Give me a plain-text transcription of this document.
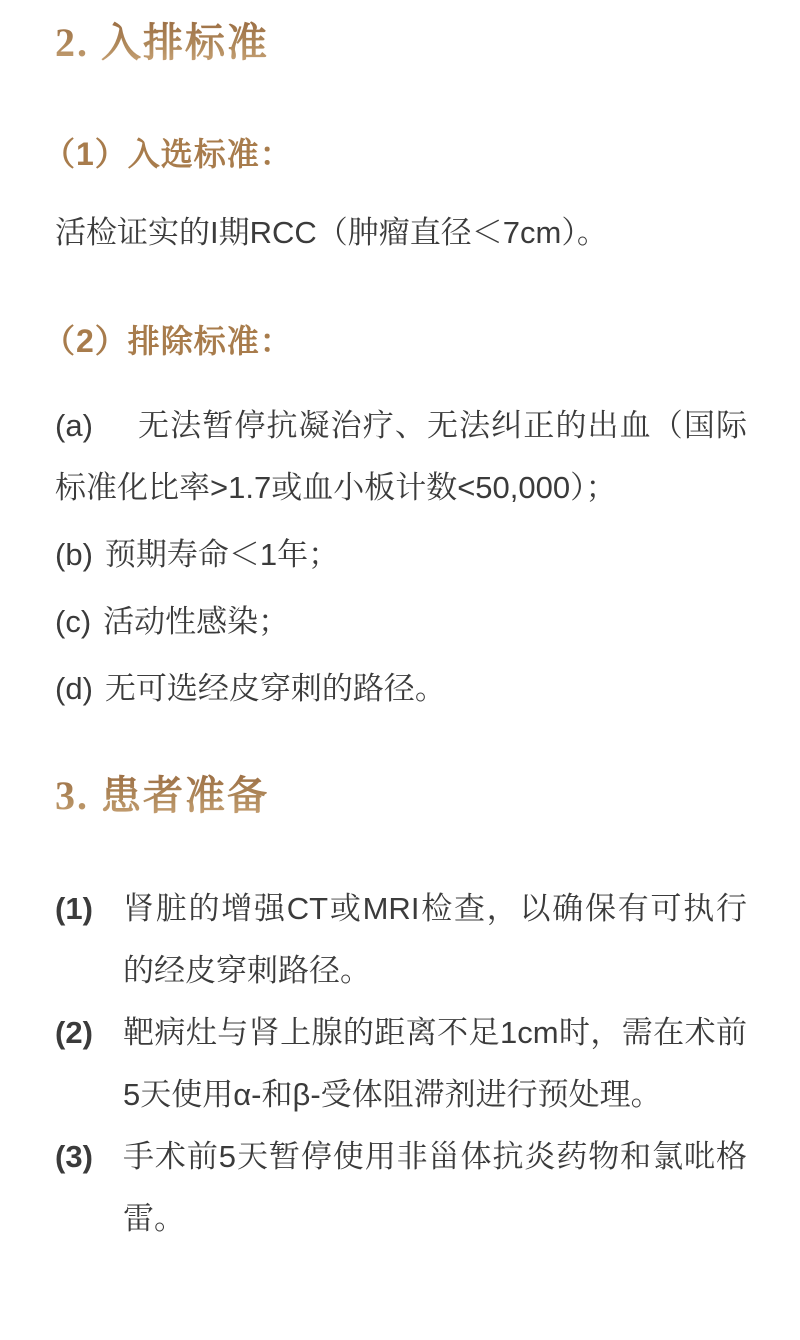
2. 入排标准
（1）入选标准：

活检证实的I期RCC（肿瘤直径＜7cm）。

（2）排除标准：

(a) 无法暂停抗凝治疗、无法纠正的出血（国际标准化比率>1.7或血小板计数<50,000）；

(b) 预期寿命＜1年；

(c) 活动性感染；

(d) 无可选经皮穿刺的路径。

3. 患者准备

(1) 肾脏的增强CT或MRI检查，以确保有可执行的经皮穿刺路径。

(2) 靶病灶与肾上腺的距离不足1cm时，需在术前5天使用α-和β-受体阻滞剂进行预处理。

(3) 手术前5天暂停使用非甾体抗炎药物和氯吡格雷。
